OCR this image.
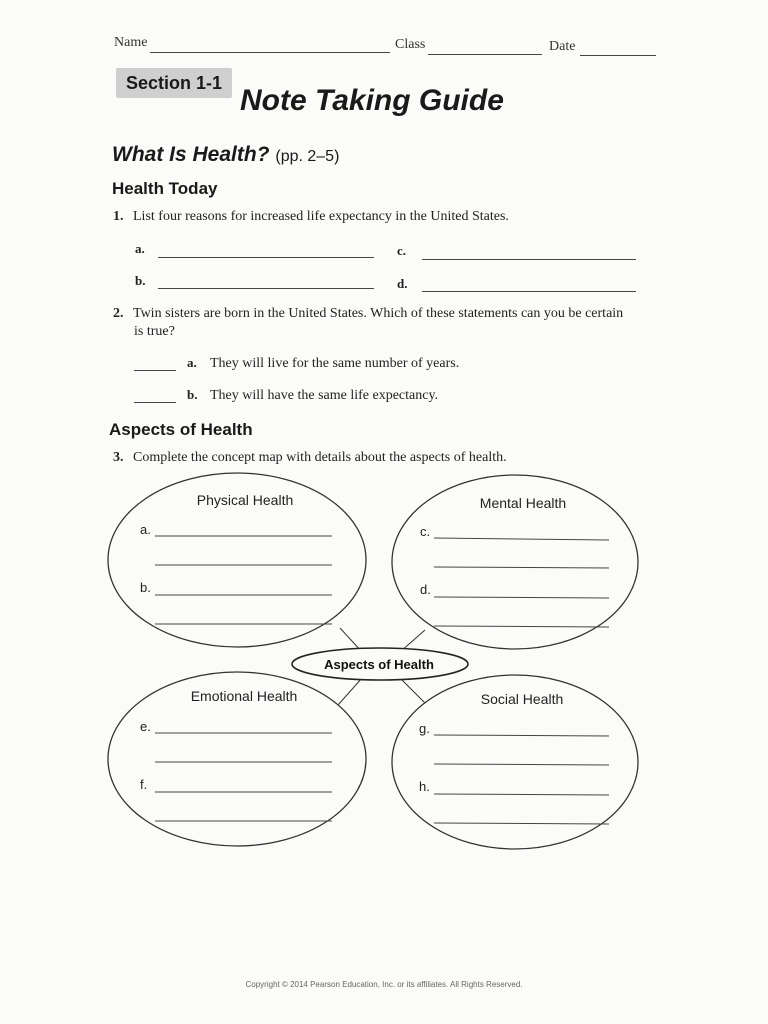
Name	Class	Date
Section 1-1
Note Taking Guide
What Is Health? (pp. 2–5)
Health Today
1. List four reasons for increased life expectancy in the United States.
a.	c.
b.	d.
2. Twin sisters are born in the United States. Which of these statements can you be certain
is true?
a. They will live for the same number of years.
b. They will have the same life expectancy.
Aspects of Health
3. Complete the concept map with details about the aspects of health.
Physical Health
a.
b.
Mental Health
c.
d.
Aspects of Health
Emotional Health
e.
f.
Social Health
g.
h.
Copyright © 2014 Pearson Education, Inc. or its affiliates. All Rights Reserved.
